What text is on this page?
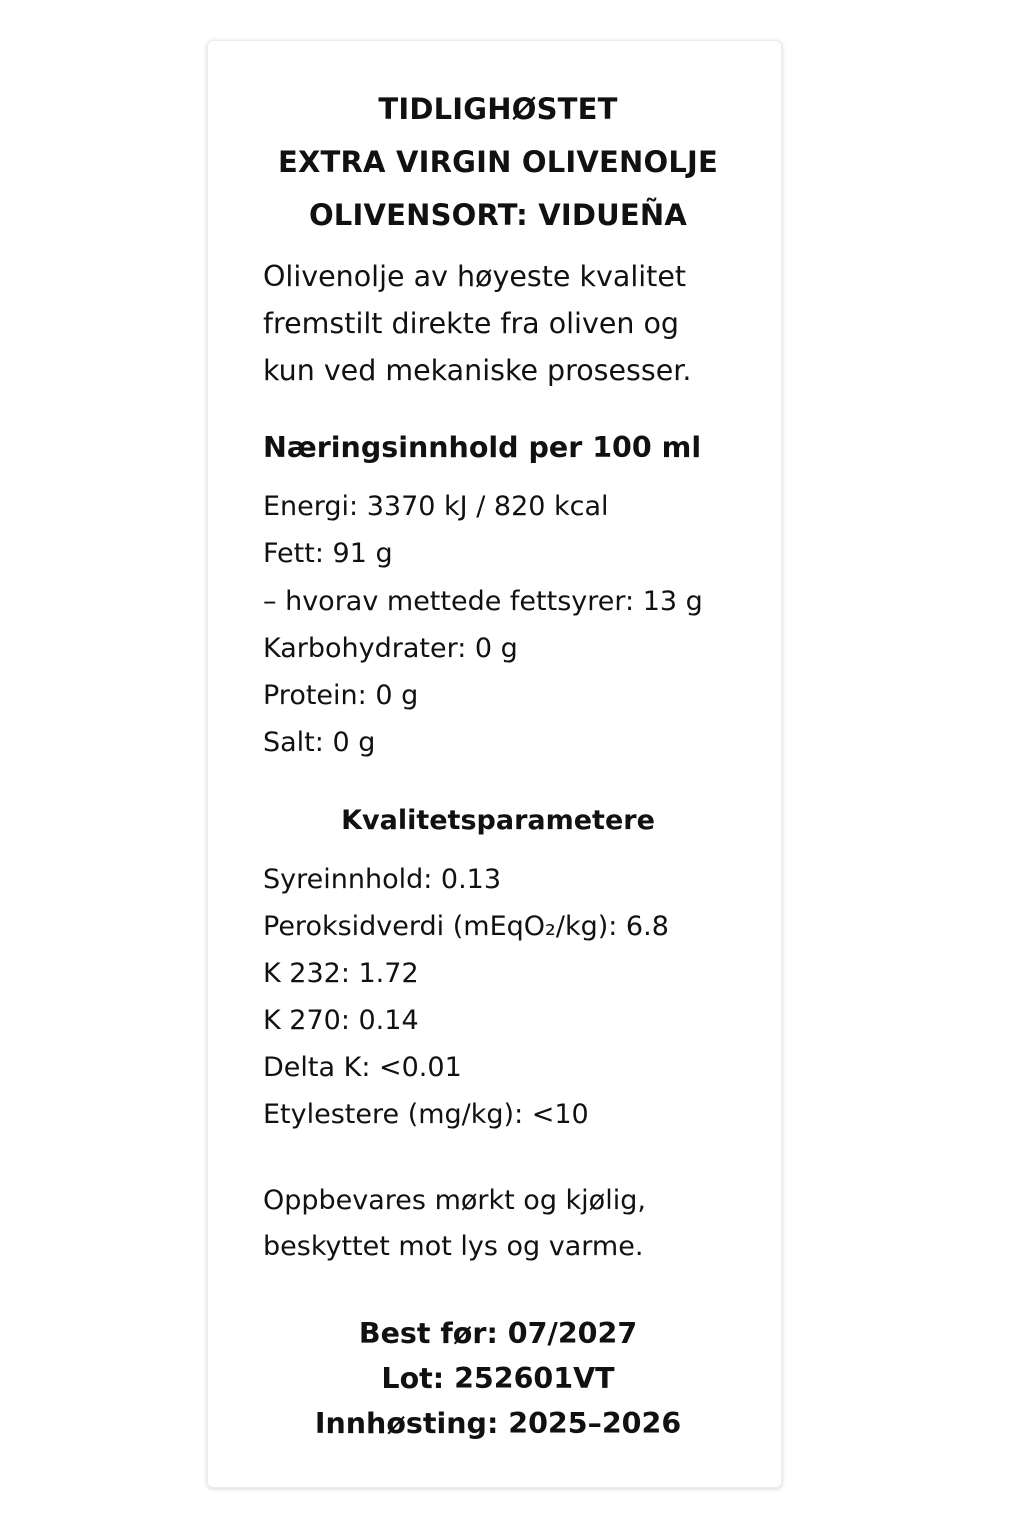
TIDLIGHØSTET
EXTRA VIRGIN OLIVENOLJE
OLIVENSORT: VIDUEÑA
Olivenolje av høyeste kvalitet
fremstilt direkte fra oliven og
kun ved mekaniske prosesser.
Næringsinnhold per 100 ml
Energi: 3370 kJ / 820 kcal
Fett: 91 g
– hvorav mettede fettsyrer: 13 g
Karbohydrater: 0 g
Protein: 0 g
Salt: 0 g
Kvalitetsparametere
Syreinnhold: 0.13
Peroksidverdi (mEqO₂/kg): 6.8
K 232: 1.72
K 270: 0.14
Delta K: <0.01
Etylestere (mg/kg): <10
Oppbevares mørkt og kjølig,
beskyttet mot lys og varme.
Best før: 07/2027
Lot: 252601VT
Innhøsting: 2025–2026
